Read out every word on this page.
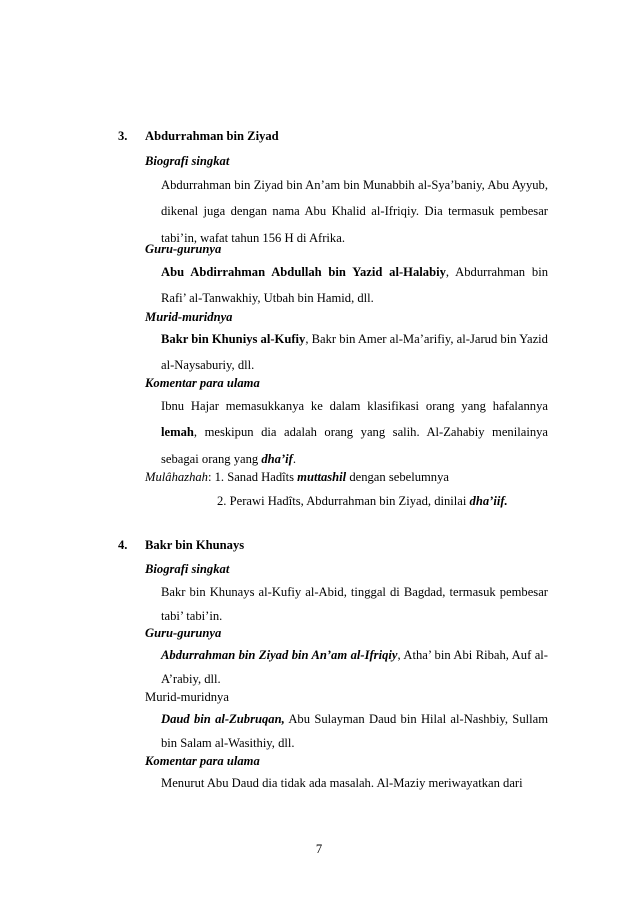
3. Abdurrahman bin Ziyad
Biografi singkat
Abdurrahman bin Ziyad bin An’am bin Munabbih al-Sya’baniy, Abu Ayyub, dikenal juga dengan nama Abu Khalid al-Ifriqiy. Dia termasuk pembesar tabi’in, wafat tahun 156 H di Afrika.
Guru-gurunya
Abu Abdirrahman Abdullah bin Yazid al-Halabiy, Abdurrahman bin Rafi’ al-Tanwakhiy, Utbah bin Hamid, dll.
Murid-muridnya
Bakr bin Khuniys al-Kufiy, Bakr bin Amer al-Ma’arifiy, al-Jarud bin Yazid al-Naysaburiy, dll.
Komentar para ulama
Ibnu Hajar memasukkanya ke dalam klasifikasi orang yang hafalannya lemah, meskipun dia adalah orang yang salih. Al-Zahabiy menilainya sebagai orang yang dha’if.
Mulâhazhah: 1. Sanad Hadîts muttashil dengan sebelumnya
2. Perawi Hadîts, Abdurrahman bin Ziyad, dinilai dha’iif.
4. Bakr bin Khunays
Biografi singkat
Bakr bin Khunays al-Kufiy al-Abid, tinggal di Bagdad, termasuk pembesar tabi’ tabi’in.
Guru-gurunya
Abdurrahman bin Ziyad bin An’am al-Ifriqiy, Atha’ bin Abi Ribah, Auf al-A’rabiy, dll.
Murid-muridnya
Daud bin al-Zubruqan, Abu Sulayman Daud bin Hilal al-Nashbiy, Sullam bin Salam al-Wasithiy, dll.
Komentar para ulama
Menurut Abu Daud dia tidak ada masalah. Al-Maziy meriwayatkan dari
7
